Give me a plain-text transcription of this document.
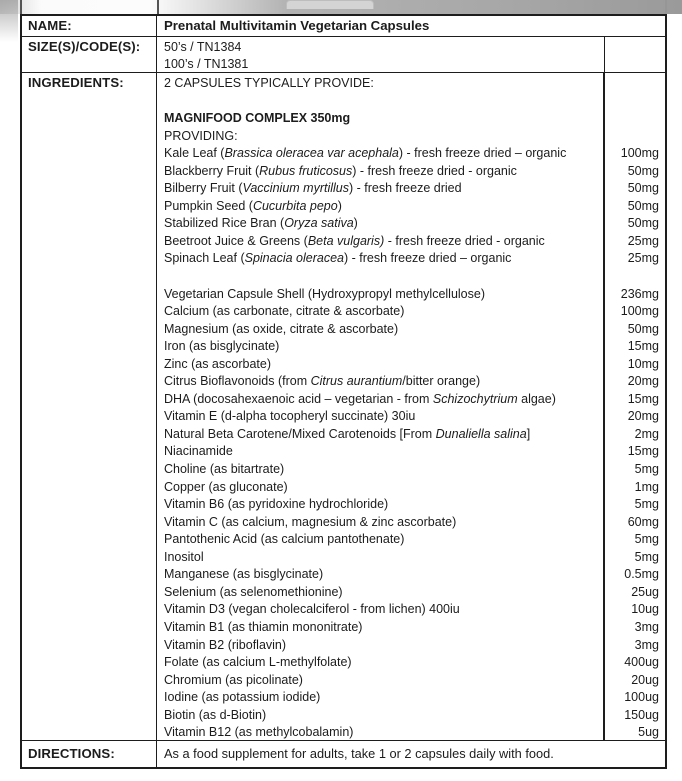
NAME:	Prenatal Multivitamin Vegetarian Capsules
SIZE(S)/CODE(S):	50’s / TN1384
100’s / TN1381
INGREDIENTS:	2 CAPSULES TYPICALLY PROVIDE:
MAGNIFOOD COMPLEX 350mg
PROVIDING:
Kale Leaf (Brassica oleracea var acephala) - fresh freeze dried – organic	100mg
Blackberry Fruit (Rubus fruticosus) - fresh freeze dried - organic	50mg
Bilberry Fruit (Vaccinium myrtillus) - fresh freeze dried	50mg
Pumpkin Seed (Cucurbita pepo)	50mg
Stabilized Rice Bran (Oryza sativa)	50mg
Beetroot Juice & Greens (Beta vulgaris) - fresh freeze dried - organic	25mg
Spinach Leaf (Spinacia oleracea) - fresh freeze dried – organic	25mg
Vegetarian Capsule Shell (Hydroxypropyl methylcellulose)	236mg
Calcium (as carbonate, citrate & ascorbate)	100mg
Magnesium (as oxide, citrate & ascorbate)	50mg
Iron (as bisglycinate)	15mg
Zinc (as ascorbate)	10mg
Citrus Bioflavonoids (from Citrus aurantium/bitter orange)	20mg
DHA (docosahexaenoic acid – vegetarian - from Schizochytrium algae)	15mg
Vitamin E (d-alpha tocopheryl succinate) 30iu	20mg
Natural Beta Carotene/Mixed Carotenoids [From Dunaliella salina]	2mg
Niacinamide	15mg
Choline (as bitartrate)	5mg
Copper (as gluconate)	1mg
Vitamin B6 (as pyridoxine hydrochloride)	5mg
Vitamin C (as calcium, magnesium & zinc ascorbate)	60mg
Pantothenic Acid (as calcium pantothenate)	5mg
Inositol	5mg
Manganese (as bisglycinate)	0.5mg
Selenium (as selenomethionine)	25ug
Vitamin D3 (vegan cholecalciferol - from lichen) 400iu	10ug
Vitamin B1 (as thiamin mononitrate)	3mg
Vitamin B2 (riboflavin)	3mg
Folate (as calcium L-methylfolate)	400ug
Chromium (as picolinate)	20ug
Iodine (as potassium iodide)	100ug
Biotin (as d-Biotin)	150ug
Vitamin B12 (as methylcobalamin)	5ug
DIRECTIONS:	As a food supplement for adults, take 1 or 2 capsules daily with food.
